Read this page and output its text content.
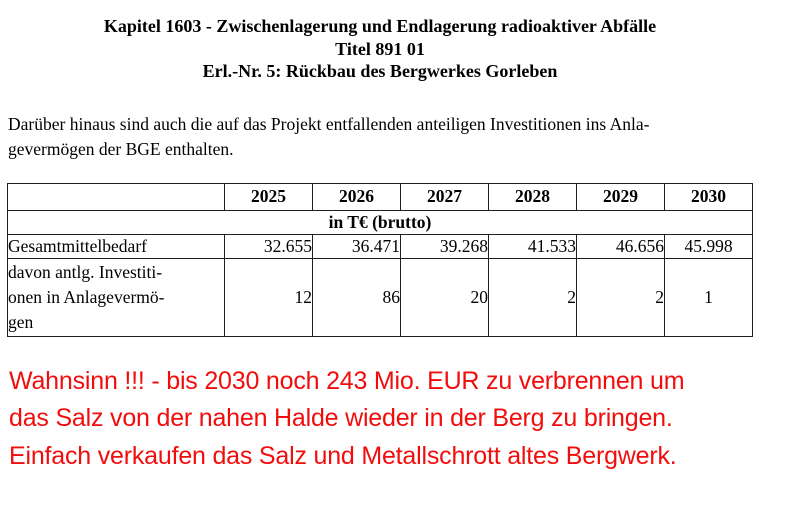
Kapitel 1603 - Zwischenlagerung und Endlagerung radioaktiver Abfälle
Titel 891 01
Erl.-Nr. 5: Rückbau des Bergwerkes Gorleben
Darüber hinaus sind auch die auf das Projekt entfallenden anteiligen Investitionen ins Anla-
gevermögen der BGE enthalten.
	2025	2026	2027	2028	2029	2030
in T€ (brutto)						
Gesamtmittelbedarf	32.655	36.471	39.268	41.533	46.656	45.998

davon antlg. Investiti-
onen in Anlagevermö-
gen	12	86	20	2	2	1
Wahnsinn !!! - bis 2030 noch 243 Mio. EUR zu verbrennen um
das Salz von der nahen Halde wieder in der Berg zu bringen.
Einfach verkaufen das Salz und Metallschrott altes Bergwerk.
